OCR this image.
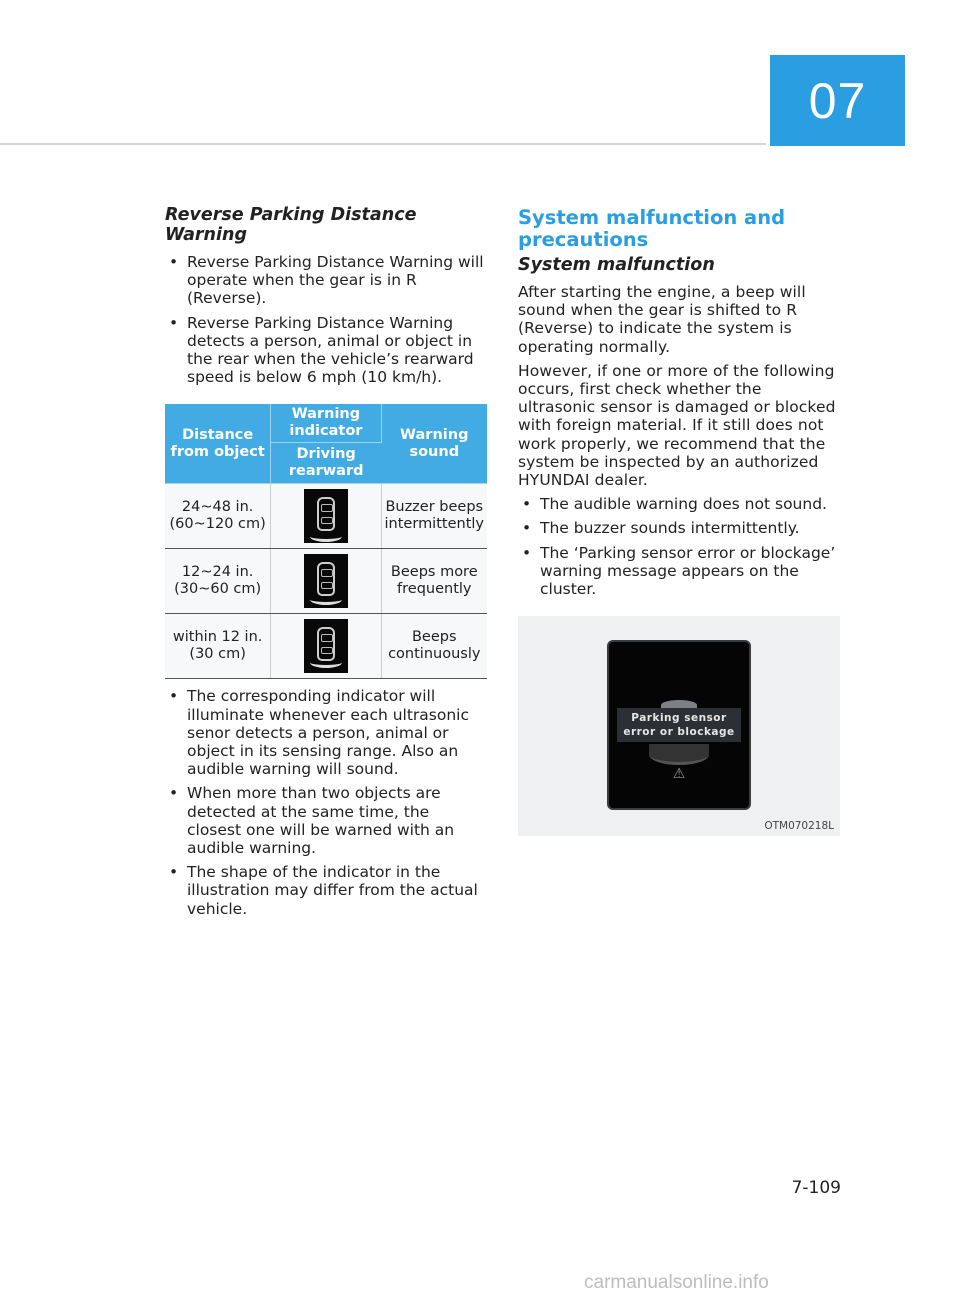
07
Reverse Parking Distance Warning
• Reverse Parking Distance Warning will operate when the gear is in R (Reverse).
• Reverse Parking Distance Warning detects a person, animal or object in the rear when the vehicle’s rearward speed is below 6 mph (10 km/h).
Distance from object	Warning indicator	Warning sound
	Driving rearward	
24~48 in. (60~120 cm)		Buzzer beeps intermittently
12~24 in. (30~60 cm)		Beeps more frequently
within 12 in. (30 cm)		Beeps continuously
• The corresponding indicator will illuminate whenever each ultrasonic senor detects a person, animal or object in its sensing range. Also an audible warning will sound.
• When more than two objects are detected at the same time, the closest one will be warned with an audible warning.
• The shape of the indicator in the illustration may differ from the actual vehicle.
System malfunction and precautions
System malfunction

After starting the engine, a beep will sound when the gear is shifted to R (Reverse) to indicate the system is operating normally.

However, if one or more of the following occurs, first check whether the ultrasonic sensor is damaged or blocked with foreign material. If it still does not work properly, we recommend that the system be inspected by an authorized HYUNDAI dealer.

• The audible warning does not sound.
• The buzzer sounds intermittently.
• The ‘Parking sensor error or blockage’ warning message appears on the cluster.
Parking sensor
error or blockage
⚠
OTM070218L
7-109
carmanualsonline.info
